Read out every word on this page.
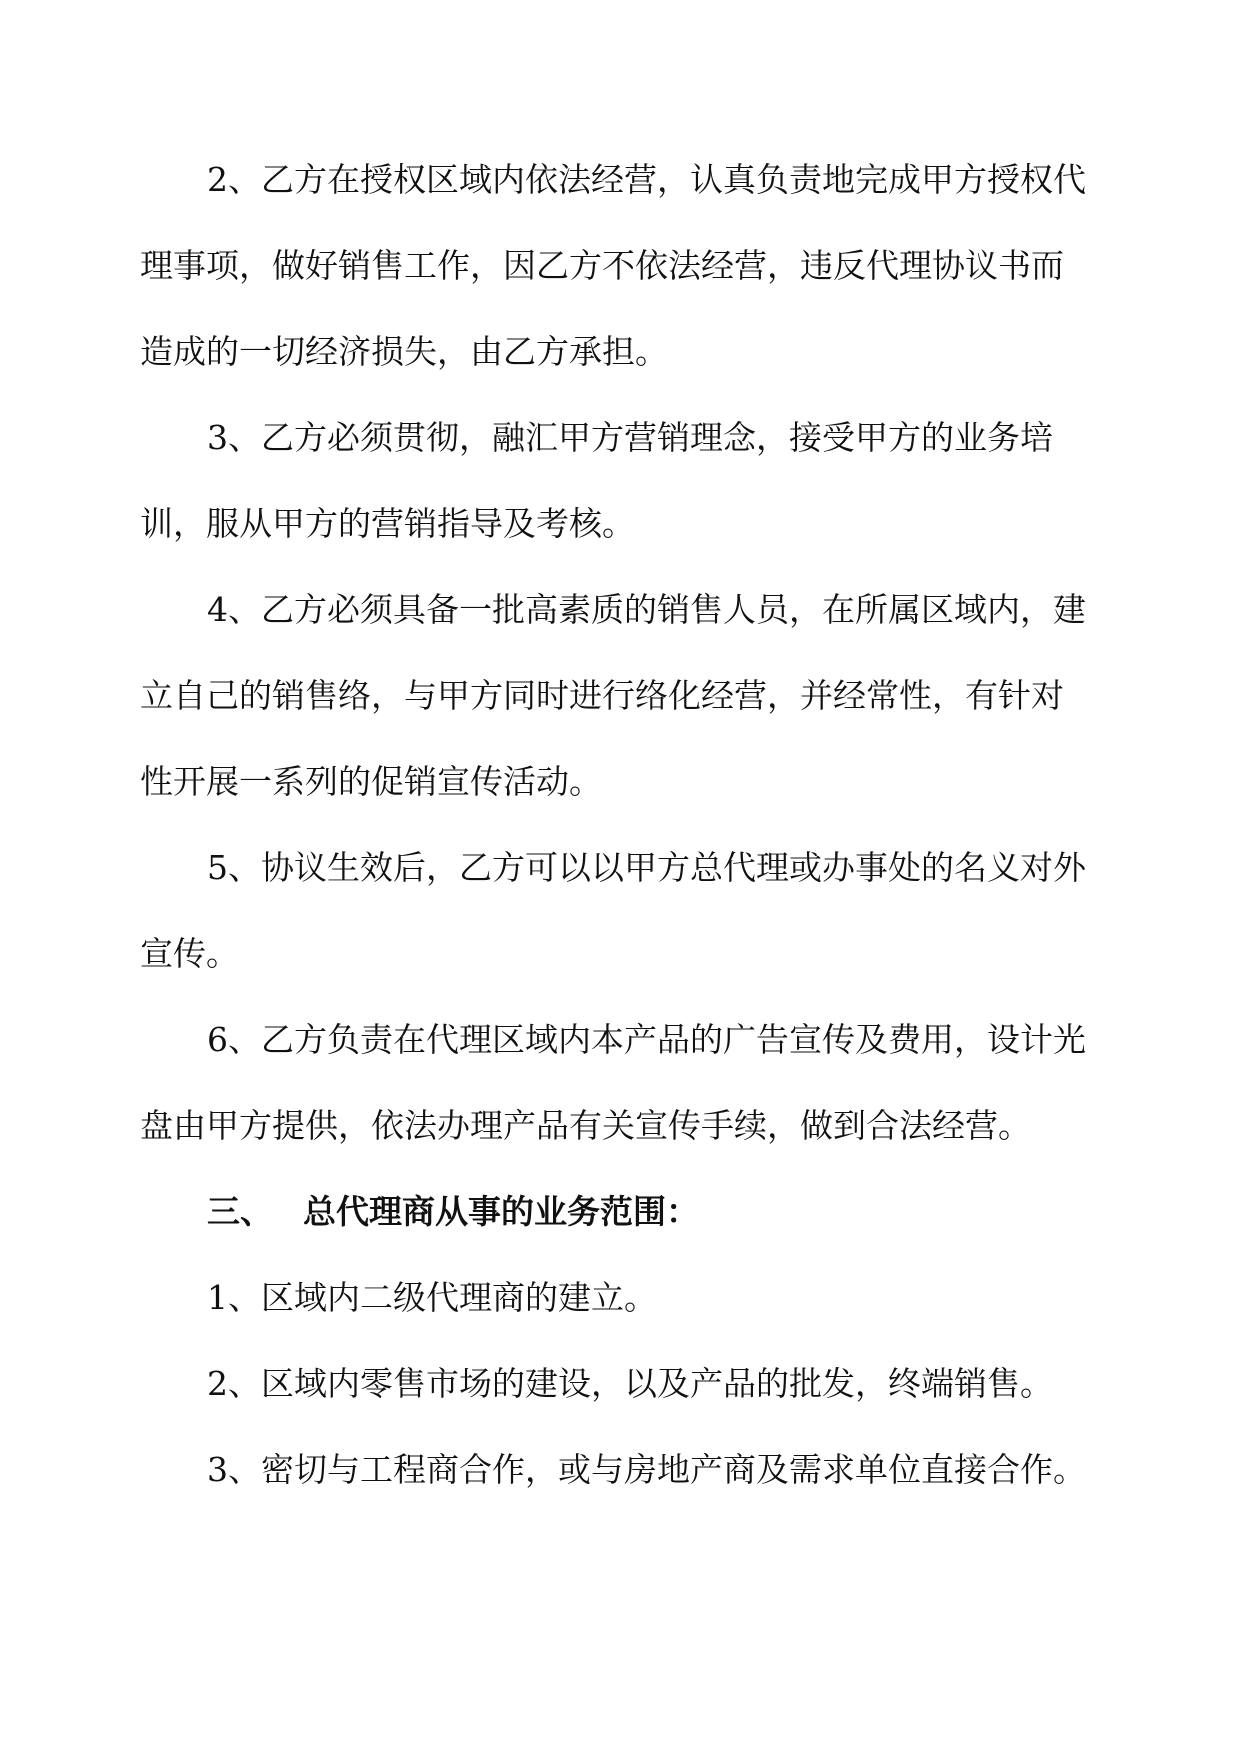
2、乙方在授权区域内依法经营，认真负责地完成甲方授权代
理事项，做好销售工作，因乙方不依法经营，违反代理协议书而
造成的一切经济损失，由乙方承担。
3、乙方必须贯彻，融汇甲方营销理念，接受甲方的业务培
训，服从甲方的营销指导及考核。
4、乙方必须具备一批高素质的销售人员，在所属区域内，建
立自己的销售络，与甲方同时进行络化经营，并经常性，有针对
性开展一系列的促销宣传活动。
5、协议生效后，乙方可以以甲方总代理或办事处的名义对外
宣传。
6、乙方负责在代理区域内本产品的广告宣传及费用，设计光
盘由甲方提供，依法办理产品有关宣传手续，做到合法经营。
三、 总代理商从事的业务范围：
1、区域内二级代理商的建立。
2、区域内零售市场的建设，以及产品的批发，终端销售。
3、密切与工程商合作，或与房地产商及需求单位直接合作。
